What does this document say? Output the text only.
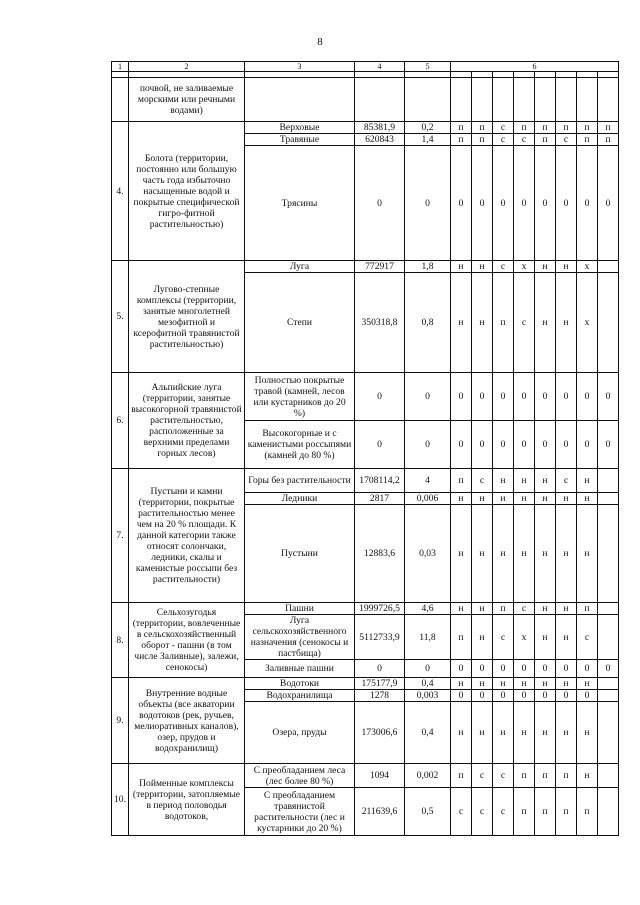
8
1	2	3	4	5	6							

	почвой, не заливаемые морскими или речными водами)											
4.	Болота (территории, постоянно или большую часть года избыточно насыщенные водой и покрытые специфической гигро-фитной растительностью)	Верховые	85381,9	0,2	п	п	с	п	п	п	п	п
		Травяные	620843	1,4	п	п	с	с	п	с	п	п
		Трясины	0	0	0	0	0	0	0	0	0	0
5.	Лугово-степные комплексы (территории, занятые многолетней мезофитной и ксерофитной травянистой растительностью)	Луга	772917	1,8	н	н	с	х	н	н	х	
		Степи	350318,8	0,8	н	н	п	с	н	н	х	
6.	Альпийские луга (территории, занятые высокогорной травянистой растительностью, расположенные за верхними пределами горных лесов)	Полностью покрытые травой (камней, лесов или кустарников до 20 %)	0	0	0	0	0	0	0	0	0	0
		Высокогорные и с каменистыми россыпями (камней до 80 %)	0	0	0	0	0	0	0	0	0	0
7.	Пустыни и камни (территории, покрытые растительностью менее чем на 20 % площади. К данной категории также относят солончаки, ледники, скалы и каменистые россыпи без растительности)	Горы без растительности	1708114,2	4	п	с	н	н	н	с	н	
		Ледники	2817	0,006	н	н	н	н	н	н	н	
		Пустыни	12883,6	0,03	н	н	н	н	н	н	н	
8.	Сельхозугодья (территории, вовлеченные в сельскохозяйственный оборот - пашни (в том числе Заливные), залежи, сенокосы)	Пашни	1999726,5	4,6	н	н	п	с	н	н	п	
		Луга сельскохозяйственного назначения (сенокосы и пастбища)	5112733,9	11,8	п	н	с	х	н	н	с	
		Заливные пашни	0	0	0	0	0	0	0	0	0	0
9.	Внутренние водные объекты (все акватории водотоков (рек, ручьев, мелиоративных каналов), озер, прудов и водохранилищ)	Водотоки	175177,9	0,4	н	н	н	н	н	н	н	
		Водохранилища	1278	0,003	0	0	0	0	0	0	0	
		Озера, пруды	173006,6	0,4	н	н	н	н	н	н	н	
10.	Пойменные комплексы (территории, затопляемые в период половодья водотоков,	С преобладанием леса (лес более 80 %)	1094	0,002	п	с	с	п	п	п	н	
		С преобладанием травянистой растительности (лес и кустарники до 20 %)	211639,6	0,5	с	с	с	п	п	п	п	
